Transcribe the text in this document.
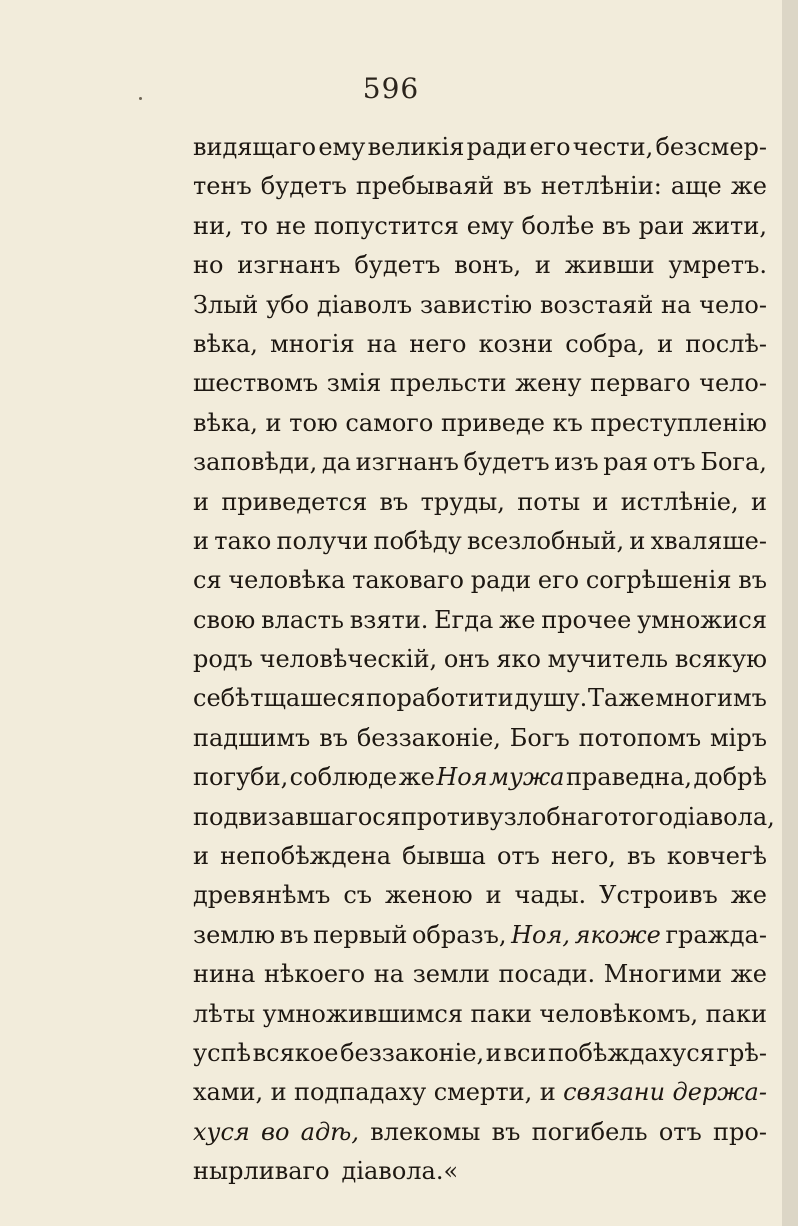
596
видящаго ему великія ради его чести, безсмер-
тенъ будетъ пребываяй въ нетлѣніи: аще же
ни, то не попустится ему болѣе въ раи жити,
но изгнанъ будетъ вонъ, и живши умретъ.
Злый убо діаволъ завистію возстаяй на чело-
вѣка, многія на него козни собра, и послѣ-
шествомъ змія прельсти жену перваго чело-
вѣка, и тою самого приведе къ преступленію
заповѣди, да изгнанъ будетъ изъ рая отъ Бога,
и приведется въ труды, поты и истлѣніе, и
и тако получи побѣду всезлобный, и хваляше-
ся человѣка таковаго ради его согрѣшенія въ
свою власть взяти. Егда же прочее умножися
родъ человѣческій, онъ яко мучитель всякую
себѣ тщашеся поработити душу. Таже многимъ
падшимъ въ беззаконіе, Богъ потопомъ міръ
погуби, соблюде же Ноя мужа праведна, добрѣ
подвизавшагося противу злобнаго того діавола,
и непобѣждена бывша отъ него, въ ковчегѣ
древянѣмъ съ женою и чады. Устроивъ же
землю въ первый образъ, Ноя, якоже гражда-
нина нѣкоего на земли посади. Многими же
лѣты умножившимся паки человѣкомъ, паки
успѣ всякое беззаконіе, и вси побѣждахуся грѣ-
хами, и подпадаху смерти, и связани держа-
хуся во адѣ, влекомы въ погибель отъ про-
нырливаго діавола.«
